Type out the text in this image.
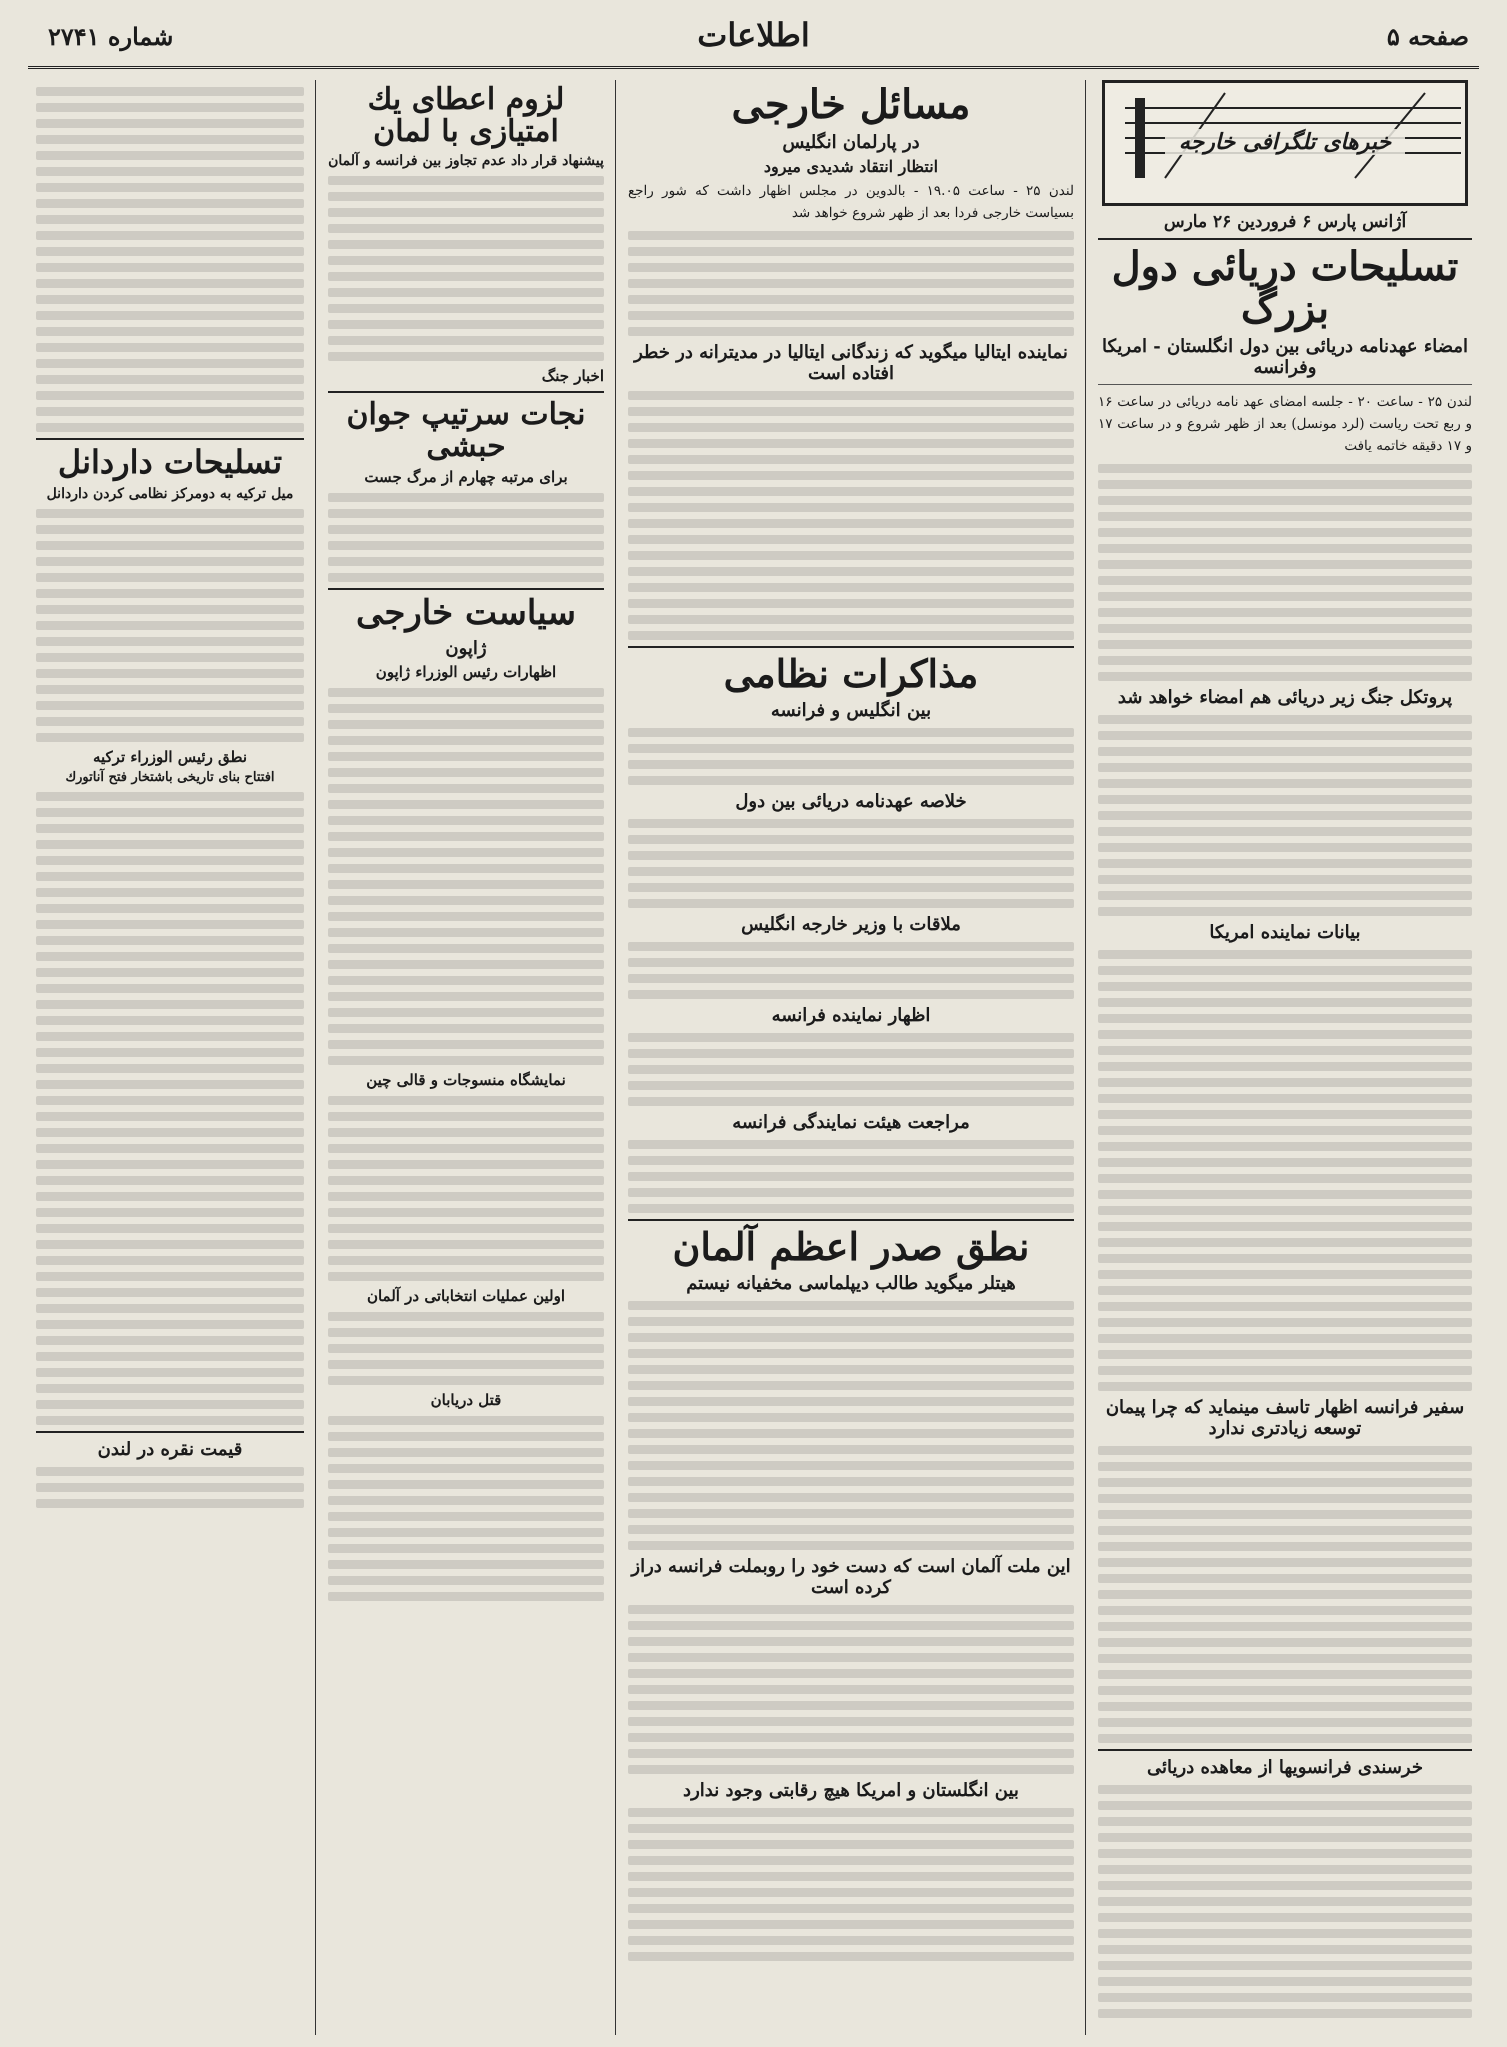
شماره ۲۷۴۱	اطلاعات	صفحه ۵
خبرهای تلگرافی خارجه
آژانس پارس ۶ فروردین ۲۶ مارس
تسلیحات دریائی دول بزرگ
امضاء عهدنامه دریائی بین دول انگلستان - امریکا وفرانسه

لندن ۲۵ - ساعت ۲۰ - جلسه امضای عهد نامه دریائی در ساعت ۱۶ و ربع تحت ریاست (لرد مونسل) بعد از ظهر شروع و در ساعت ۱۷ و ۱۷ دقیقه خاتمه یافت

پروتکل جنگ زیر دریائی هم امضاء خواهد شد
بیانات نماینده امریکا
سفیر فرانسه اظهار تاسف مینماید که چرا پیمان توسعه زیادتری ندارد
خرسندی فرانسویها از معاهده دریائی
مسائل خارجی
در پارلمان انگلیس
انتظار انتقاد شدیدی میرود

لندن ۲۵ - ساعت ۱۹.۰۵ - بالدوین در مجلس اظهار داشت که شور راجع بسیاست خارجی فردا بعد از ظهر شروع خواهد شد

نماینده ایتالیا میگوید که زندگانی ایتالیا در مدیترانه در خطر افتاده است
مذاکرات نظامی
بین انگلیس و فرانسه
خلاصه عهدنامه دریائی بین دول
ملاقات با وزیر خارجه انگلیس
اظهار نماینده فرانسه
مراجعت هیئت نمایندگی فرانسه
نطق صدر اعظم آلمان
هیتلر میگوید طالب دیپلماسی مخفیانه نیستم
این ملت آلمان است که دست خود را روبملت فرانسه دراز کرده است
بین انگلستان و امریکا هیچ رقابتی وجود ندارد
لزوم اعطای یك امتیازی با لمان
پیشنهاد قرار داد عدم تجاوز بین فرانسه و آلمان
اخبار جنگ
نجات سرتیپ جوان حبشی
برای مرتبه چهارم از مرگ جست
سیاست خارجی
ژاپون
اظهارات رئیس الوزراء ژاپون
نمایشگاه منسوجات و قالی چین
اولین عملیات انتخاباتی در آلمان
قتل دریابان
تسلیحات داردانل
میل ترکیه به دومرکز نظامی کردن داردانل
نطق رئیس الوزراء ترکیه
افتتاح بنای تاریخی باشتخار فتح آناتورك
قیمت نقره در لندن
